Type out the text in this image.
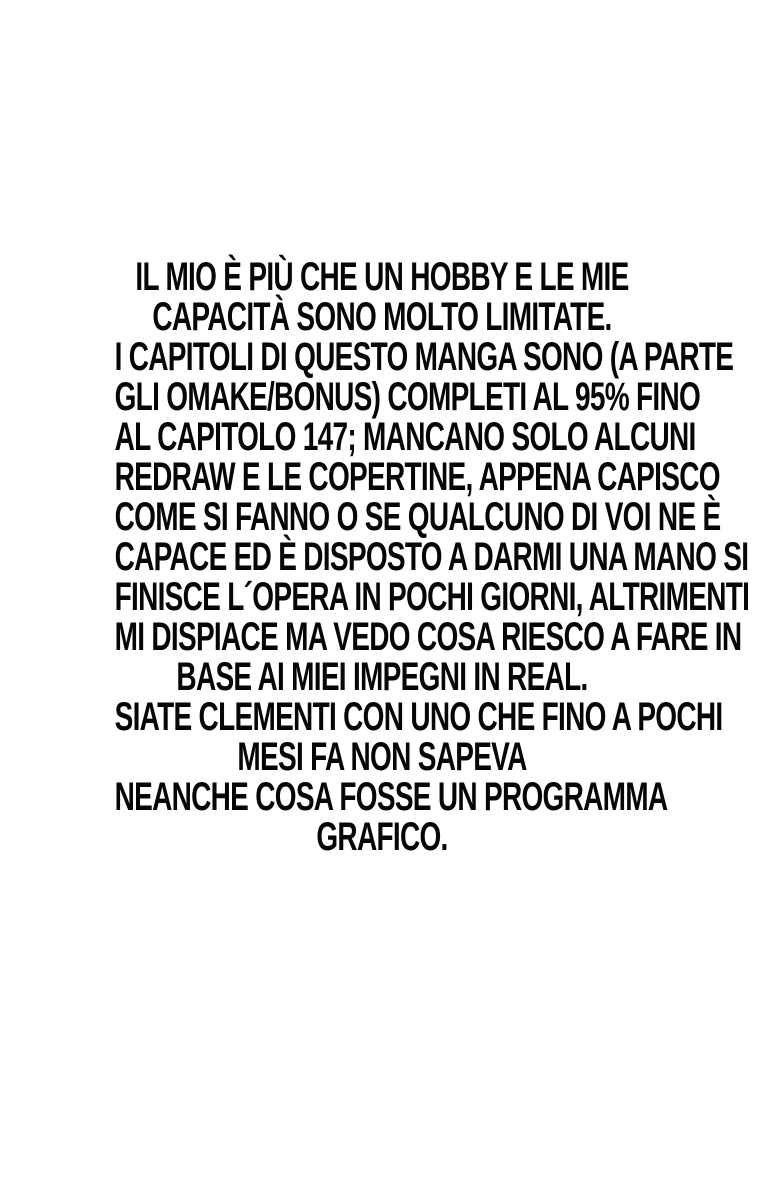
IL MIO È PIÙ CHE UN HOBBY E LE MIE
CAPACITÀ SONO MOLTO LIMITATE.
I CAPITOLI DI QUESTO MANGA SONO (A PARTE
GLI OMAKE/BONUS) COMPLETI AL 95% FINO
AL CAPITOLO 147; MANCANO SOLO ALCUNI
REDRAW E LE COPERTINE, APPENA CAPISCO
COME SI FANNO O SE QUALCUNO DI VOI NE È
CAPACE ED È DISPOSTO A DARMI UNA MANO SI
FINISCE L´OPERA IN POCHI GIORNI, ALTRIMENTI
MI DISPIACE MA VEDO COSA RIESCO A FARE IN
BASE AI MIEI IMPEGNI IN REAL.
SIATE CLEMENTI CON UNO CHE FINO A POCHI
MESI FA NON SAPEVA
NEANCHE COSA FOSSE UN PROGRAMMA
GRAFICO.
